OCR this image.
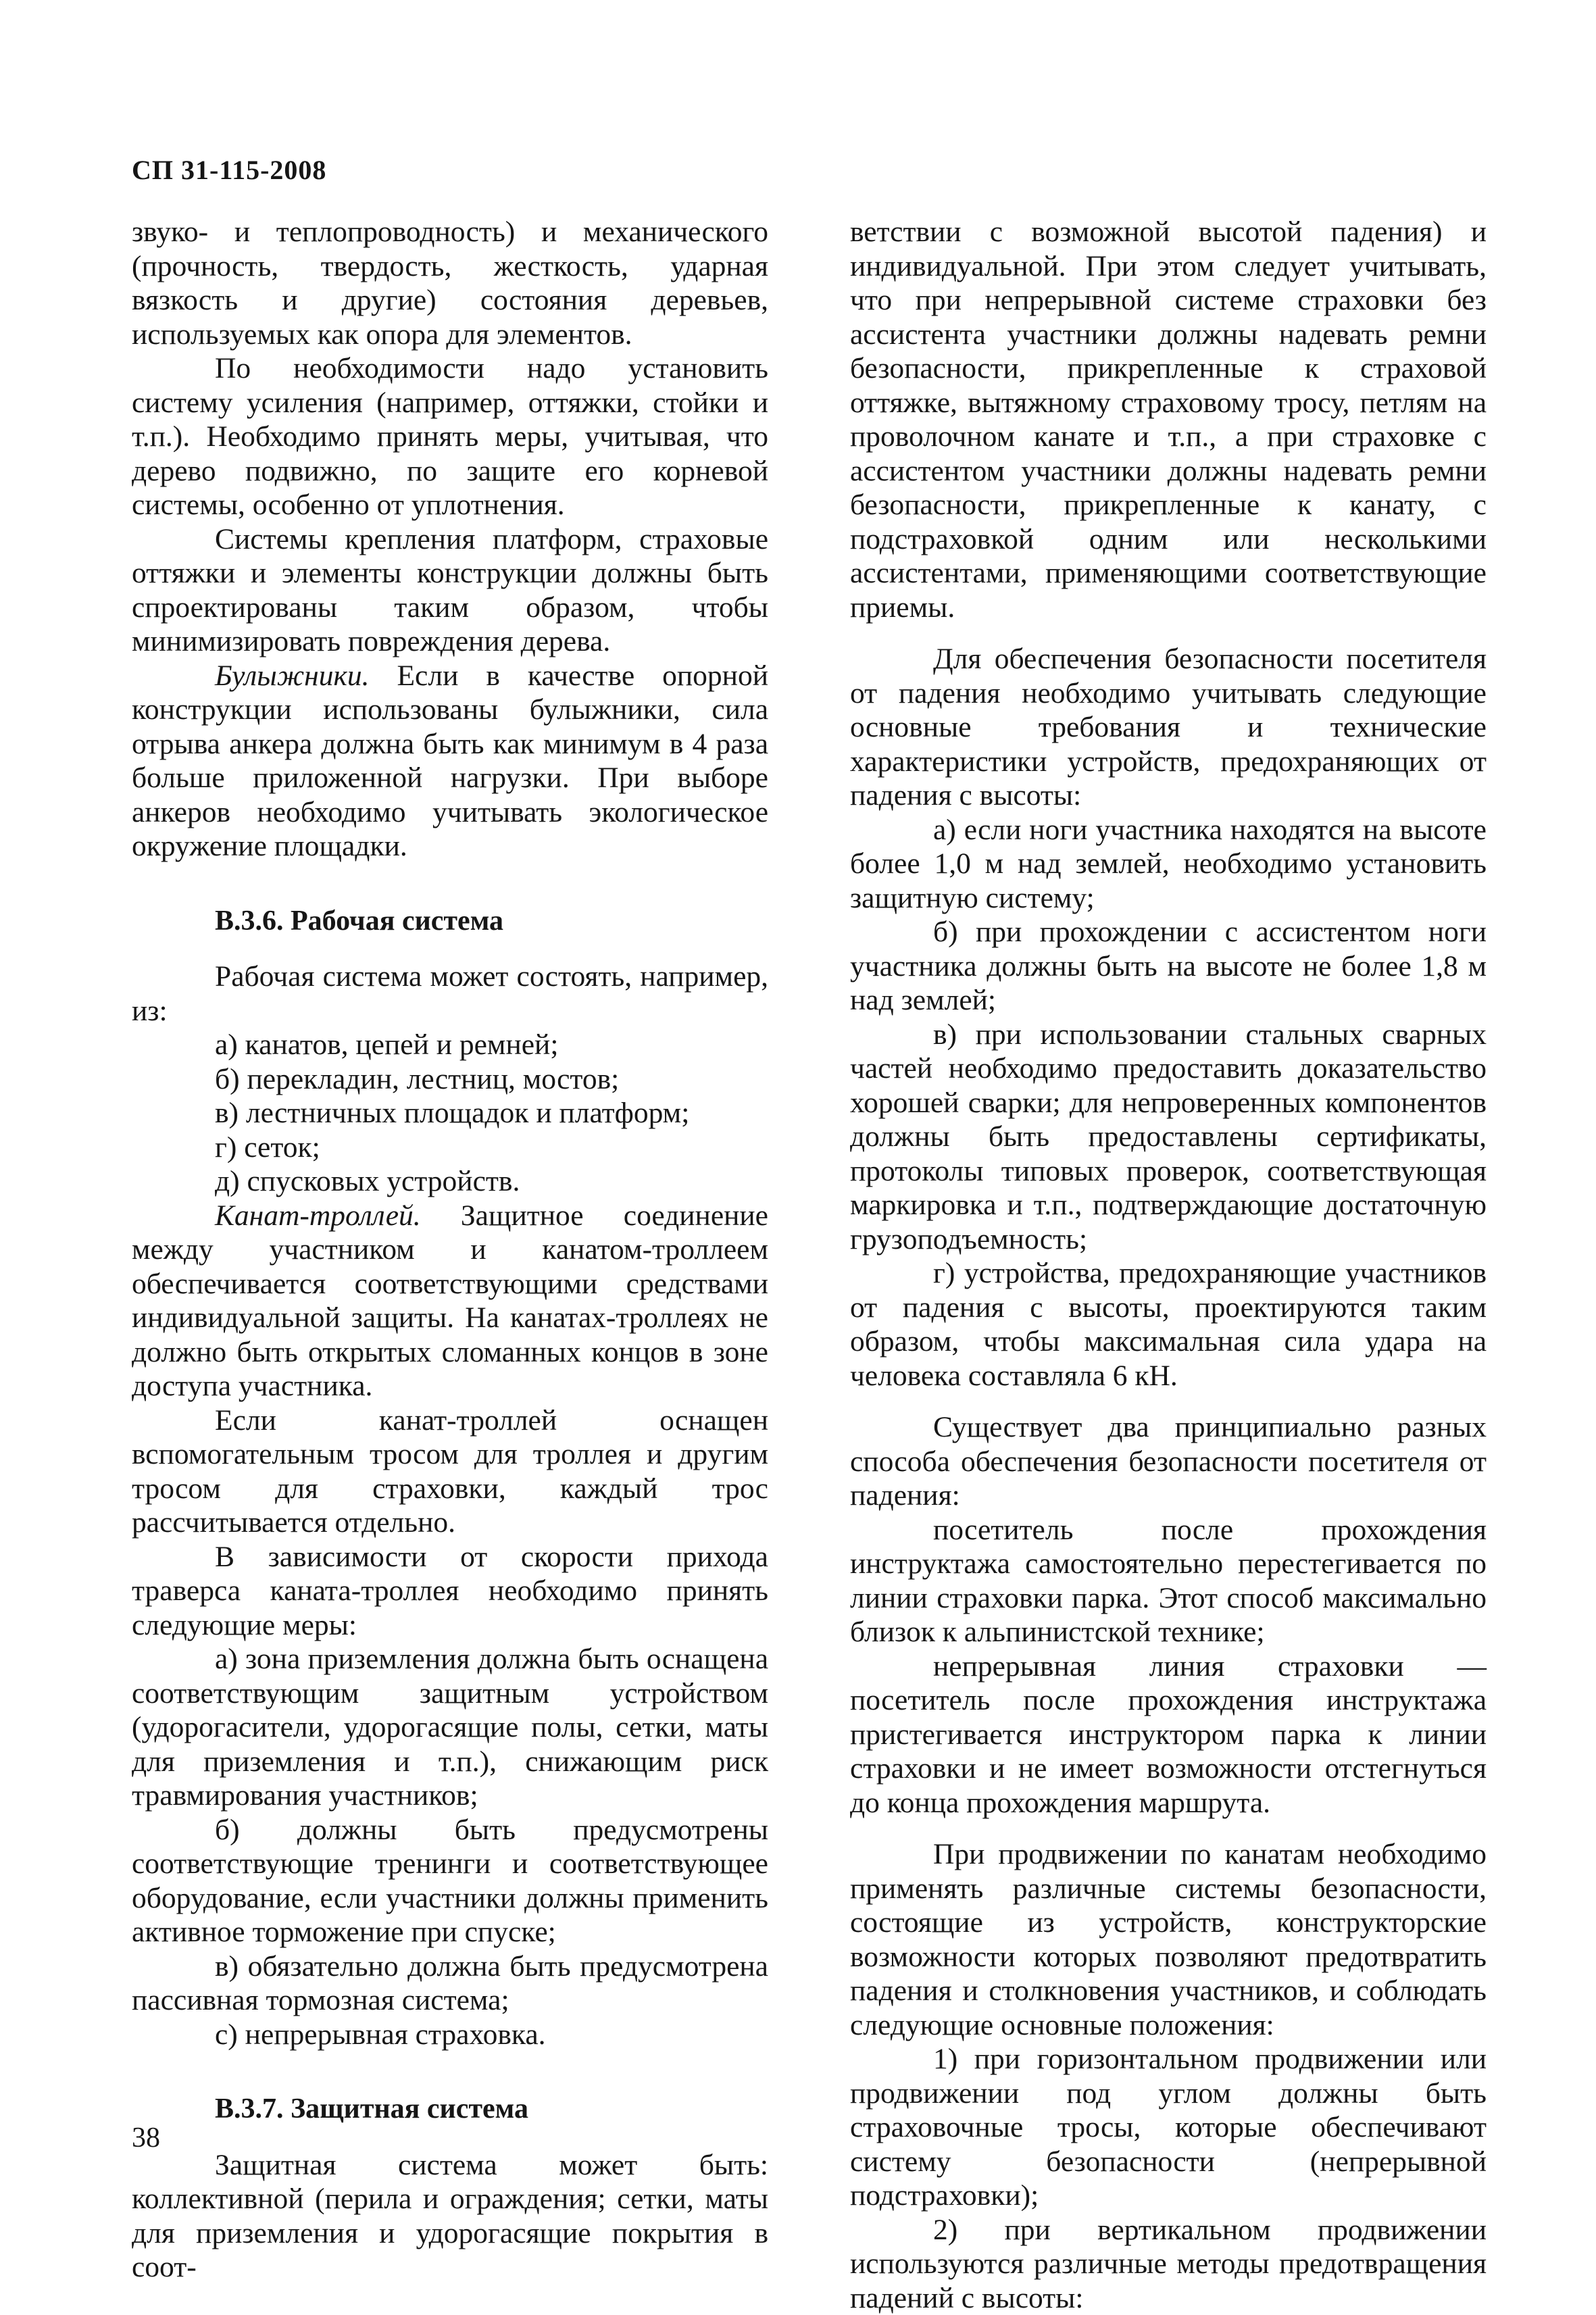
СП 31-115-2008

звуко- и теплопроводность) и механического (прочность, твердость, жесткость, ударная вязкость и другие) состояния деревьев, используемых как опора для элементов.

По необходимости надо установить систему усиления (например, оттяжки, стойки и т.п.). Необходимо принять меры, учитывая, что дерево подвижно, по защите его корневой системы, особенно от уплотнения.

Системы крепления платформ, страховые оттяжки и элементы конструкции должны быть спроектированы таким образом, чтобы минимизировать повреждения дерева.

Булыжники. Если в качестве опорной конструкции использованы булыжники, сила отрыва анкера должна быть как минимум в 4 раза больше приложенной нагрузки. При выборе анкеров необходимо учитывать экологическое окружение площадки.

В.3.6. Рабочая система

Рабочая система может состоять, например, из:

а) канатов, цепей и ремней;

б) перекладин, лестниц, мостов;

в) лестничных площадок и платформ;

г) сеток;

д) спусковых устройств.

Канат-троллей. Защитное соединение между участником и канатом-троллеем обеспечивается соответствующими средствами индивидуальной защиты. На канатах-троллеях не должно быть открытых сломанных концов в зоне доступа участника.

Если канат-троллей оснащен вспомогательным тросом для троллея и другим тросом для страховки, каждый трос рассчитывается отдельно.

В зависимости от скорости прихода траверса каната-троллея необходимо принять следующие меры:

а) зона приземления должна быть оснащена соответствующим защитным устройством (удорогасители, удорогасящие полы, сетки, маты для приземления и т.п.), снижающим риск травмирования участников;

б) должны быть предусмотрены соответствующие тренинги и соответствующее оборудование, если участники должны применить активное торможение при спуске;

в) обязательно должна быть предусмотрена пассивная тормозная система;

с) непрерывная страховка.

В.3.7. Защитная система

Защитная система может быть: коллективной (перила и ограждения; сетки, маты для приземления и удорогасящие покрытия в соот-

ветствии с возможной высотой падения) и индивидуальной. При этом следует учитывать, что при непрерывной системе страховки без ассистента участники должны надевать ремни безопасности, прикрепленные к страховой оттяжке, вытяжному страховому тросу, петлям на проволочном канате и т.п., а при страховке с ассистентом участники должны надевать ремни безопасности, прикрепленные к канату, с подстраховкой одним или несколькими ассистентами, применяющими соответствующие приемы.

Для обеспечения безопасности посетителя от падения необходимо учитывать следующие основные требования и технические характеристики устройств, предохраняющих от падения с высоты:

а) если ноги участника находятся на высоте более 1,0 м над землей, необходимо установить защитную систему;

б) при прохождении с ассистентом ноги участника должны быть на высоте не более 1,8 м над землей;

в) при использовании стальных сварных частей необходимо предоставить доказательство хорошей сварки; для непроверенных компонентов должны быть предоставлены сертификаты, протоколы типовых проверок, соответствующая маркировка и т.п., подтверждающие достаточную грузоподъемность;

г) устройства, предохраняющие участников от падения с высоты, проектируются таким образом, чтобы максимальная сила удара на человека составляла 6 кН.

Существует два принципиально разных способа обеспечения безопасности посетителя от падения:

посетитель после прохождения инструктажа самостоятельно перестегивается по линии страховки парка. Этот способ максимально близок к альпинистской технике;

непрерывная линия страховки — посетитель после прохождения инструктажа пристегивается инструктором парка к линии страховки и не имеет возможности отстегнуться до конца прохождения маршрута.

При продвижении по канатам необходимо применять различные системы безопасности, состоящие из устройств, конструкторские возможности которых позволяют предотвратить падения и столкновения участников, и соблюдать следующие основные положения:

1) при горизонтальном продвижении или продвижении под углом должны быть страховочные тросы, которые обеспечивают систему безопасности (непрерывной подстраховки);

2) при вертикальном продвижении используются различные методы предотвращения падений с высоты:

38
